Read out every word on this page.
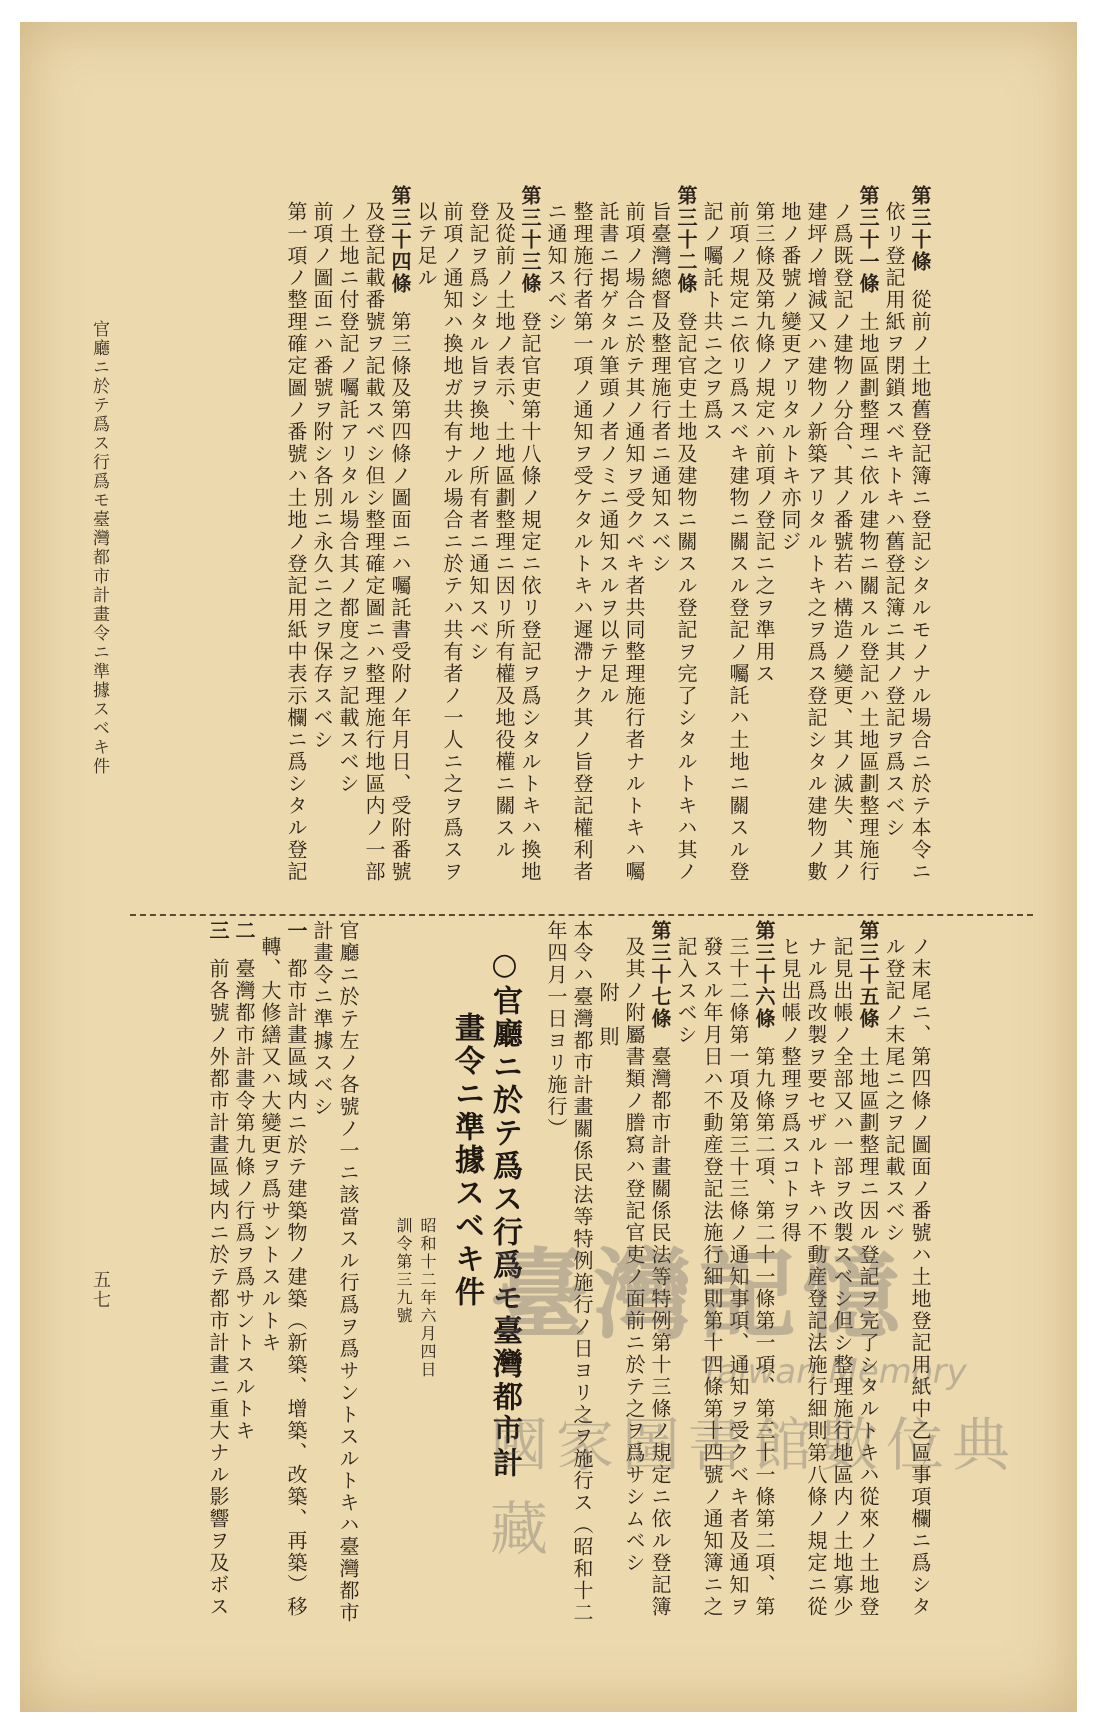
第三十條從前ノ土地舊登記簿ニ登記シタルモノナル場合ニ於テ本令ニ
依リ登記用紙ヲ閉鎖スベキトキハ舊登記簿ニ其ノ登記ヲ爲スベシ
第三十一條土地區劃整理ニ依ル建物ニ關スル登記ハ土地區劃整理施行
ノ爲既登記ノ建物ノ分合、其ノ番號若ハ構造ノ變更、其ノ滅失、其ノ
建坪ノ增減又ハ建物ノ新築アリタルトキ之ヲ爲ス登記シタル建物ノ數
地ノ番號ノ變更アリタルトキ亦同ジ
第三條及第九條ノ規定ハ前項ノ登記ニ之ヲ準用ス
前項ノ規定ニ依リ爲スベキ建物ニ關スル登記ノ囑託ハ土地ニ關スル登
記ノ囑託ト共ニ之ヲ爲ス
第三十二條登記官吏土地及建物ニ關スル登記ヲ完了シタルトキハ其ノ
旨臺灣總督及整理施行者ニ通知スベシ
前項ノ場合ニ於テ其ノ通知ヲ受クベキ者共同整理施行者ナルトキハ囑
託書ニ掲ゲタル筆頭ノ者ノミニ通知スルヲ以テ足ル
整理施行者第一項ノ通知ヲ受ケタルトキハ遲滯ナク其ノ旨登記權利者
ニ通知スベシ
第三十三條登記官吏第十八條ノ規定ニ依リ登記ヲ爲シタルトキハ換地
及從前ノ土地ノ表示、土地區劃整理ニ因リ所有權及地役權ニ關スル
登記ヲ爲シタル旨ヲ換地ノ所有者ニ通知スベシ
前項ノ通知ハ換地ガ共有ナル場合ニ於テハ共有者ノ一人ニ之ヲ爲スヲ
以テ足ル
第三十四條第三條及第四條ノ圖面ニハ囑託書受附ノ年月日、受附番號
及登記載番號ヲ記載スベシ但シ整理確定圖ニハ整理施行地區内ノ一部
ノ土地ニ付登記ノ囑託アリタル場合其ノ都度之ヲ記載スベシ
前項ノ圖面ニハ番號ヲ附シ各別ニ永久ニ之ヲ保存スベシ
第一項ノ整理確定圖ノ番號ハ土地ノ登記用紙中表示欄ニ爲シタル登記
官廳ニ於テ爲ス行爲モ臺灣都市計畫令ニ準據スベキ件
五七	ノ末尾ニ、第四條ノ圖面ノ番號ハ土地登記用紙中乙區事項欄ニ爲シタ
ル登記ノ末尾ニ之ヲ記載スベシ
第三十五條土地區劃整理ニ因ル登記ヲ完了シタルトキハ從來ノ土地登
記見出帳ノ全部又ハ一部ヲ改製スベシ但シ整理施行地區内ノ土地寡少
ナル爲改製ヲ要セザルトキハ不動産登記法施行細則第八條ノ規定ニ從
ヒ見出帳ノ整理ヲ爲スコトヲ得
第三十六條第九條第二項、第二十一條第一項、第三十一條第二項、第
三十二條第一項及第三十三條ノ通知事項、通知ヲ受クベキ者及通知ヲ
發スル年月日ハ不動産登記法施行細則第十四條第十四號ノ通知簿ニ之
記入スベシ
第三十七條臺灣都市計畫關係民法等特例第十三條ノ規定ニ依ル登記簿
及其ノ附屬書類ノ謄寫ハ登記官吏ノ面前ニ於テ之ヲ爲サシムベシ
附　則
本令ハ臺灣都市計畫關係民法等特例施行ノ日ヨリ之ヲ施行ス（昭和十二
年四月一日ヨリ施行）
○官廳ニ於テ爲ス行爲モ臺灣都市計
畫令ニ準據スベキ件
昭和十二年六月四日
訓令第三九號
官廳ニ於テ左ノ各號ノ一ニ該當スル行爲ヲ爲サントスルトキハ臺灣都市
計畫令ニ準據スベシ
一都市計畫區域内ニ於テ建築物ノ建築（新築、增築、改築、再築）移
轉、大修繕又ハ大變更ヲ爲サントスルトキ
二臺灣都市計畫令第九條ノ行爲ヲ爲サントスルトキ
三前各號ノ外都市計畫區域内ニ於テ都市計畫ニ重大ナル影響ヲ及ボス	臺灣記憶
Taiwan Memory
國家圖書館數位典藏
